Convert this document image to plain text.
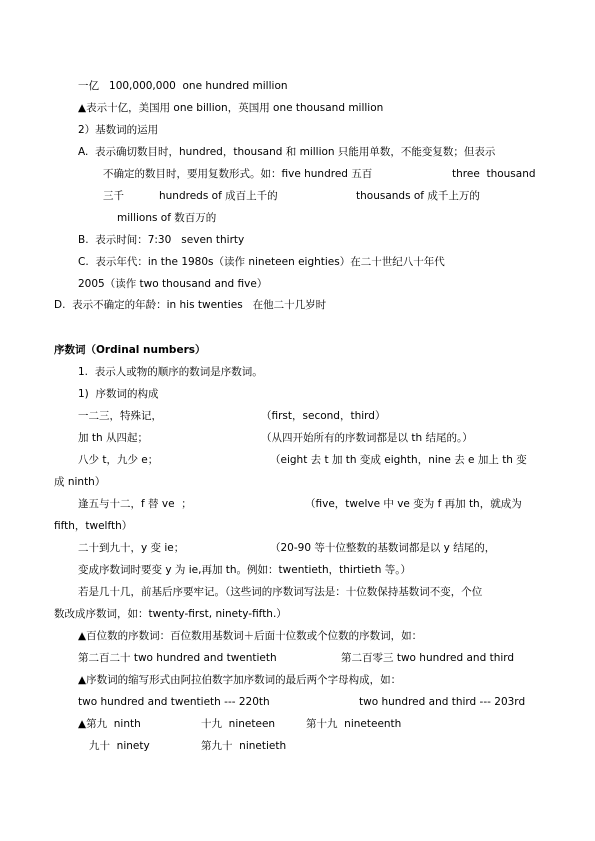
一亿   100,000,000  one hundred million
▲表示十亿，美国用 one billion，英国用 one thousand million
2）基数词的运用
A.  表示确切数目时，hundred，thousand 和 million 只能用单数，不能变复数；但表示
不确定的数目时，要用复数形式。如：five hundred 五百	three  thousand
三千	hundreds of 成百上千的	thousands of 成千上万的
millions of 数百万的
B.  表示时间：7:30   seven thirty
C.  表示年代：in the 1980s（读作 nineteen eighties）在二十世纪八十年代
2005（读作 two thousand and five）
D.  表示不确定的年龄：in his twenties   在他二十几岁时
序数词（Ordinal numbers）
1.  表示人或物的顺序的数词是序数词。
1)  序数词的构成
一二三，特殊记，	（first，second，third）
加 th 从四起；	（从四开始所有的序数词都是以 th 结尾的。）
八少 t，九少 e；	（eight 去 t 加 th 变成 eighth，nine 去 e 加上 th 变
成 ninth）
逢五与十二，f 替 ve  ；	（five，twelve 中 ve 变为 f 再加 th，就成为
fifth，twelfth）
二十到九十，y 变 ie；	（20-90 等十位整数的基数词都是以 y 结尾的，
变成序数词时要变 y 为 ie,再加 th。例如：twentieth，thirtieth 等。）
若是几十几，前基后序要牢记。（这些词的序数词写法是：十位数保持基数词不变，个位
数改成序数词，如：twenty-first, ninety-fifth.）
▲百位数的序数词：百位数用基数词＋后面十位数或个位数的序数词，如：
第二百二十 two hundred and twentieth	第二百零三 two hundred and third
▲序数词的缩写形式由阿拉伯数字加序数词的最后两个字母构成，如：
two hundred and twentieth --- 220th	two hundred and third --- 203rd
▲第九  ninth	十九  nineteen	第十九  nineteenth
九十  ninety	第九十  ninetieth
